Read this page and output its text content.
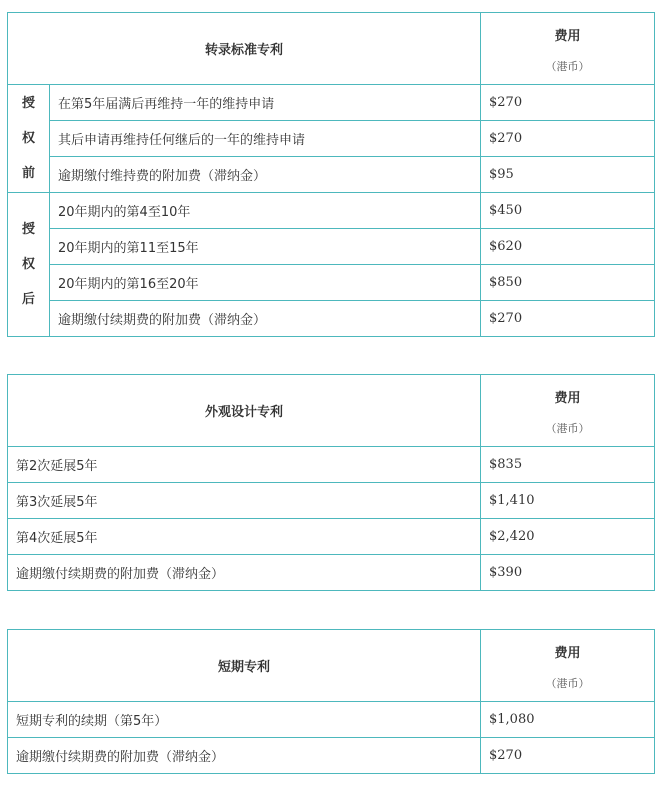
转录标准专利		费用
（港币）

授
权
前	在第5年届满后再维持一年的维持申请	$270
	其后申请再维持任何继后的一年的维持申请	$270
	逾期缴付维持费的附加费（滞纳金）	$95

授
权
后	20年期内的第4至10年	$450
	20年期内的第11至15年	$620
	20年期内的第16至20年	$850
	逾期缴付续期费的附加费（滞纳金）	$270
外观设计专利	费用
（港币）

第2次延展5年	$835
第3次延展5年	$1,410
第4次延展5年	$2,420
逾期缴付续期费的附加费（滞纳金）	$390
短期专利	费用
（港币）

短期专利的续期（第5年）	$1,080
逾期缴付续期费的附加费（滞纳金）	$270
